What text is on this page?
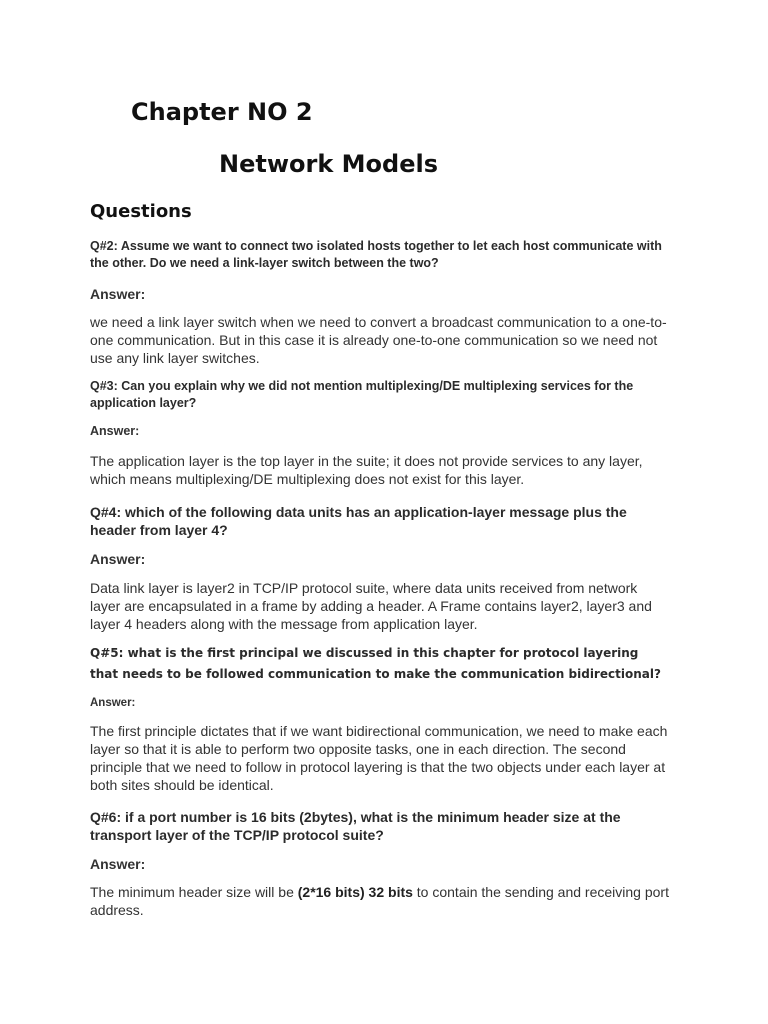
Chapter NO 2
Network Models
Questions
Q#2: Assume we want to connect two isolated hosts together to let each host communicate with the other. Do we need a link-layer switch between the two?
Answer:
we need a link layer switch when we need to convert a broadcast communication to a one-to-one communication. But in this case it is already one-to-one communication so we need not use any link layer switches.
Q#3: Can you explain why we did not mention multiplexing/DE multiplexing services for the application layer?
Answer:
The application layer is the top layer in the suite; it does not provide services to any layer, which means multiplexing/DE multiplexing does not exist for this layer.
Q#4: which of the following data units has an application-layer message plus the header from layer 4?
Answer:
Data link layer is layer2 in TCP/IP protocol suite, where data units received from network layer are encapsulated in a frame by adding a header. A Frame contains layer2, layer3 and layer 4 headers along with the message from application layer.
Q#5: what is the first principal we discussed in this chapter for protocol layering that needs to be followed communication to make the communication bidirectional?
Answer:
The first principle dictates that if we want bidirectional communication, we need to make each layer so that it is able to perform two opposite tasks, one in each direction. The second principle that we need to follow in protocol layering is that the two objects under each layer at both sites should be identical.
Q#6: if a port number is 16 bits (2bytes), what is the minimum header size at the transport layer of the TCP/IP protocol suite?
Answer:
The minimum header size will be (2*16 bits) 32 bits to contain the sending and receiving port address.
